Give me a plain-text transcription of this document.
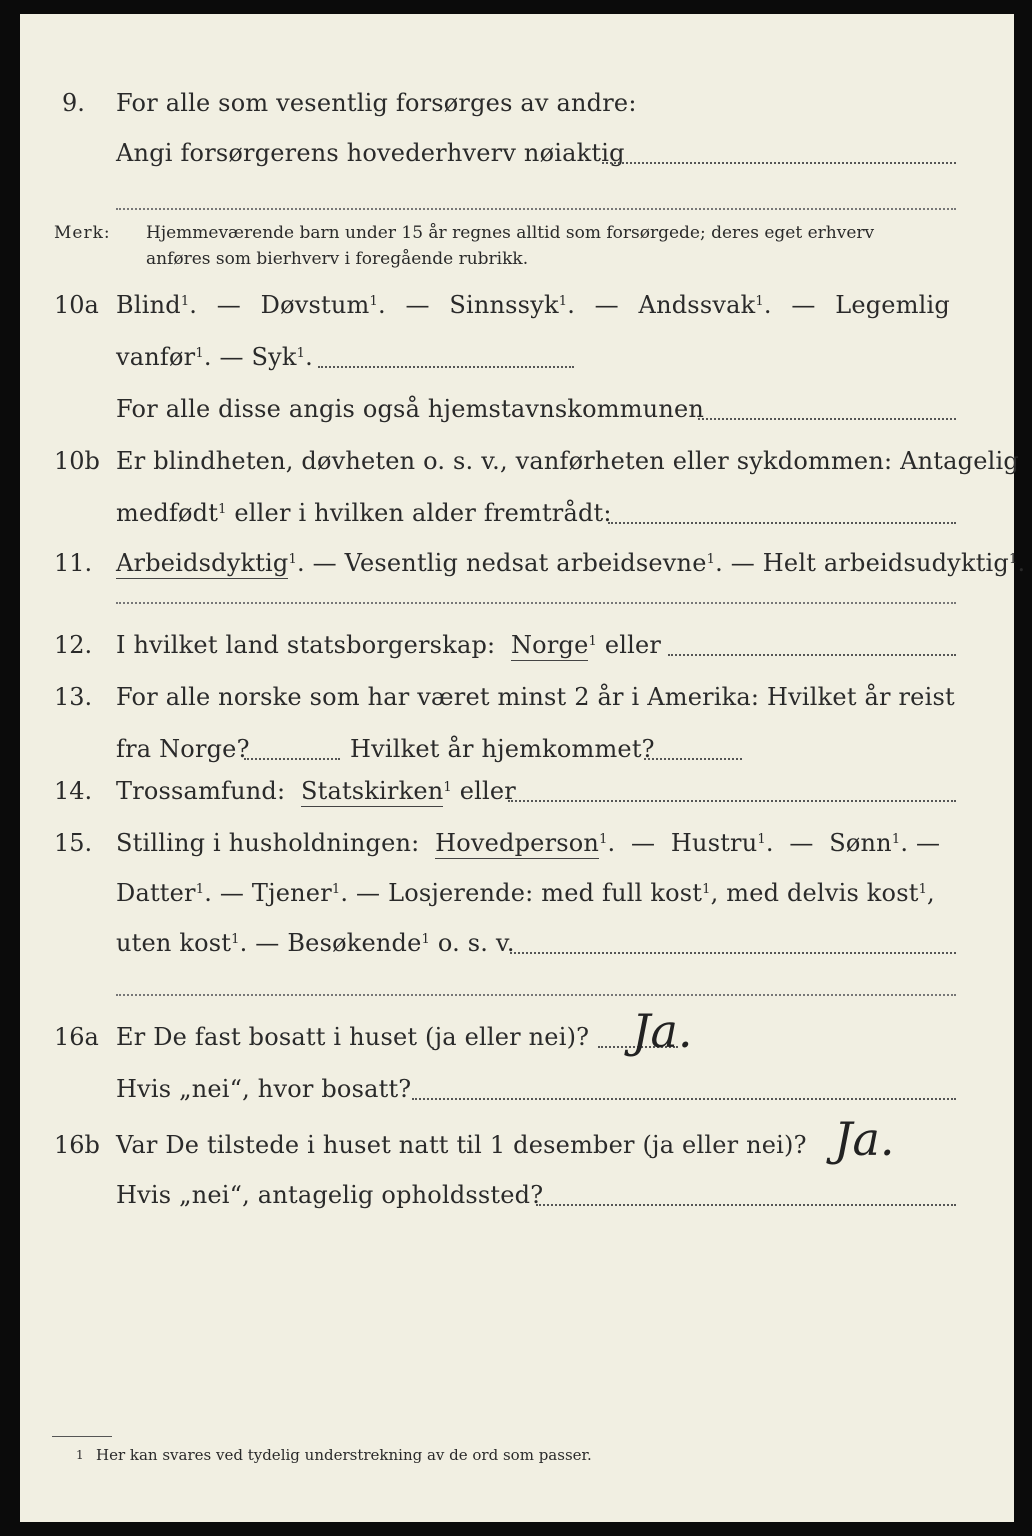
9. For alle som vesentlig forsørges av andre:
Angi forsørgerens hovederhverv nøiaktig
Merk: Hjemmeværende barn under 15 år regnes alltid som forsørgede; deres eget erhverv
anføres som bierhverv i foregående rubrikk.
10a Blind$^1$.  —  Døvstum$^1$.  —  Sinnssyk$^1$.  —  Andssvak$^1$.  —  Legemlig
vanfør$^1$. — Syk$^1$.
For alle disse angis også hjemstavnskommunen
10b Er blindheten, døvheten o. s. v., vanførheten eller sykdommen: Antagelig
medfødt$^1$ eller i hvilken alder fremtrådt:
11. Arbeidsdyktig$^1$. — Vesentlig nedsat arbeidsevne$^1$. — Helt arbeidsudyktig$^1$.
12. I hvilket land statsborgerskap: Norge$^1$ eller
13. For alle norske som har været minst 2 år i Amerika: Hvilket år reist
fra Norge?	Hvilket år hjemkommet?
14. Trossamfund: Statskirken$^1$ eller
15. Stilling i husholdningen: Hovedperson$^1$.  —  Hustru$^1$.  —  Sønn$^1$. —
Datter$^1$. — Tjener$^1$. — Losjerende: med full kost$^1$, med delvis kost$^1$,
uten kost$^1$. — Besøkende$^1$ o. s. v.
16a Er De fast bosatt i huset (ja eller nei)? Ja.
Hvis „nei“, hvor bosatt?
16b Var De tilstede i huset natt til 1 desember (ja eller nei)? Ja.
Hvis „nei“, antagelig opholdssted?
1 Her kan svares ved tydelig understrekning av de ord som passer.
